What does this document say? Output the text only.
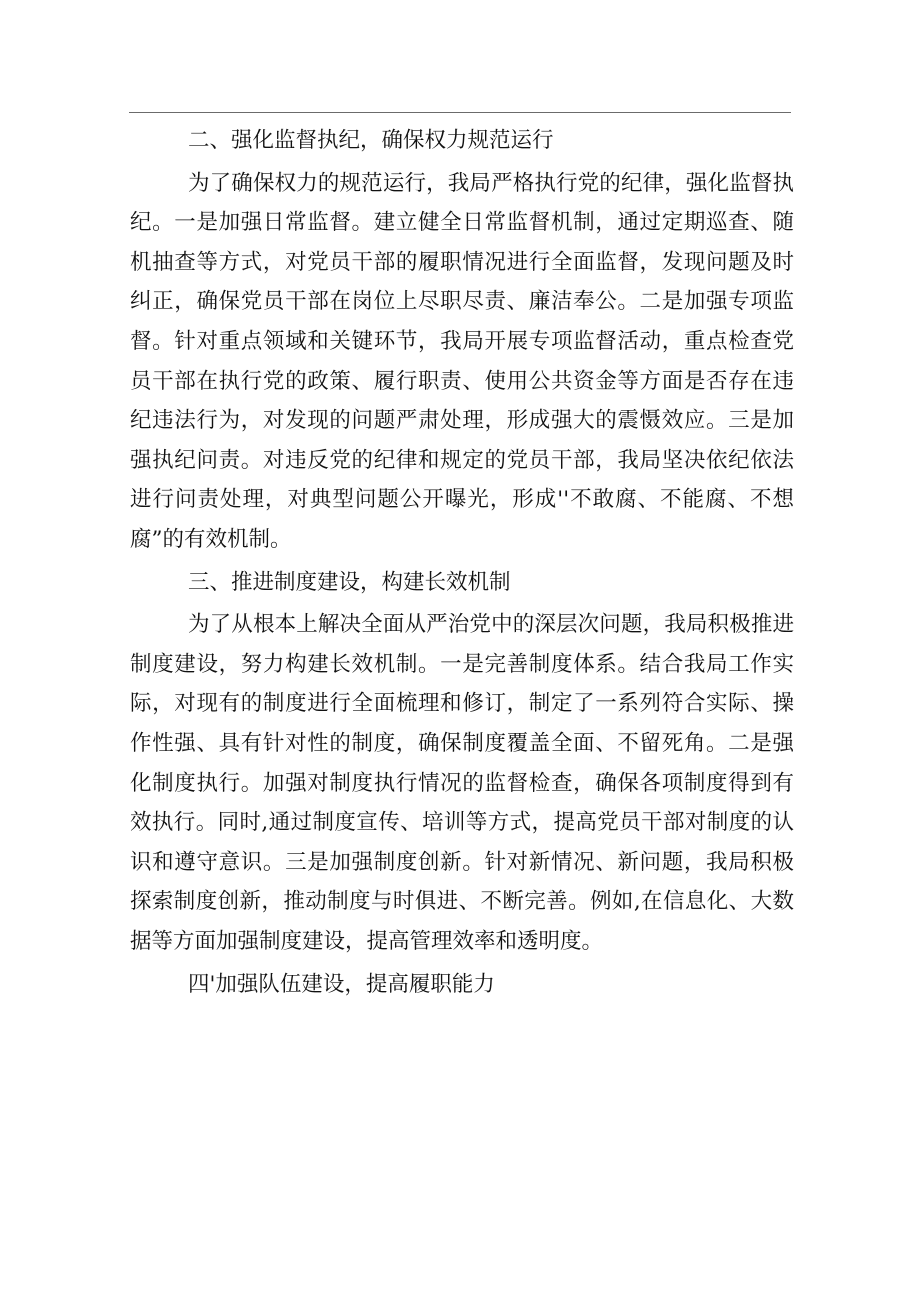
二、强化监督执纪，确保权力规范运行

为了确保权力的规范运行，我局严格执行党的纪律，强化监督执纪。一是加强日常监督。建立健全日常监督机制，通过定期巡查、随机抽查等方式，对党员干部的履职情况进行全面监督，发现问题及时纠正，确保党员干部在岗位上尽职尽责、廉洁奉公。二是加强专项监督。针对重点领域和关键环节，我局开展专项监督活动，重点检查党员干部在执行党的政策、履行职责、使用公共资金等方面是否存在违纪违法行为，对发现的问题严肃处理，形成强大的震慑效应。三是加强执纪问责。对违反党的纪律和规定的党员干部，我局坚决依纪依法进行问责处理，对典型问题公开曝光，形成''不敢腐、不能腐、不想腐”的有效机制。

三、推进制度建设，构建长效机制

为了从根本上解决全面从严治党中的深层次问题，我局积极推进制度建设，努力构建长效机制。一是完善制度体系。结合我局工作实际，对现有的制度进行全面梳理和修订，制定了一系列符合实际、操作性强、具有针对性的制度，确保制度覆盖全面、不留死角。二是强化制度执行。加强对制度执行情况的监督检查，确保各项制度得到有效执行。同时,通过制度宣传、培训等方式，提高党员干部对制度的认识和遵守意识。三是加强制度创新。针对新情况、新问题，我局积极探索制度创新，推动制度与时俱进、不断完善。例如,在信息化、大数据等方面加强制度建设，提高管理效率和透明度。

四'加强队伍建设，提高履职能力
